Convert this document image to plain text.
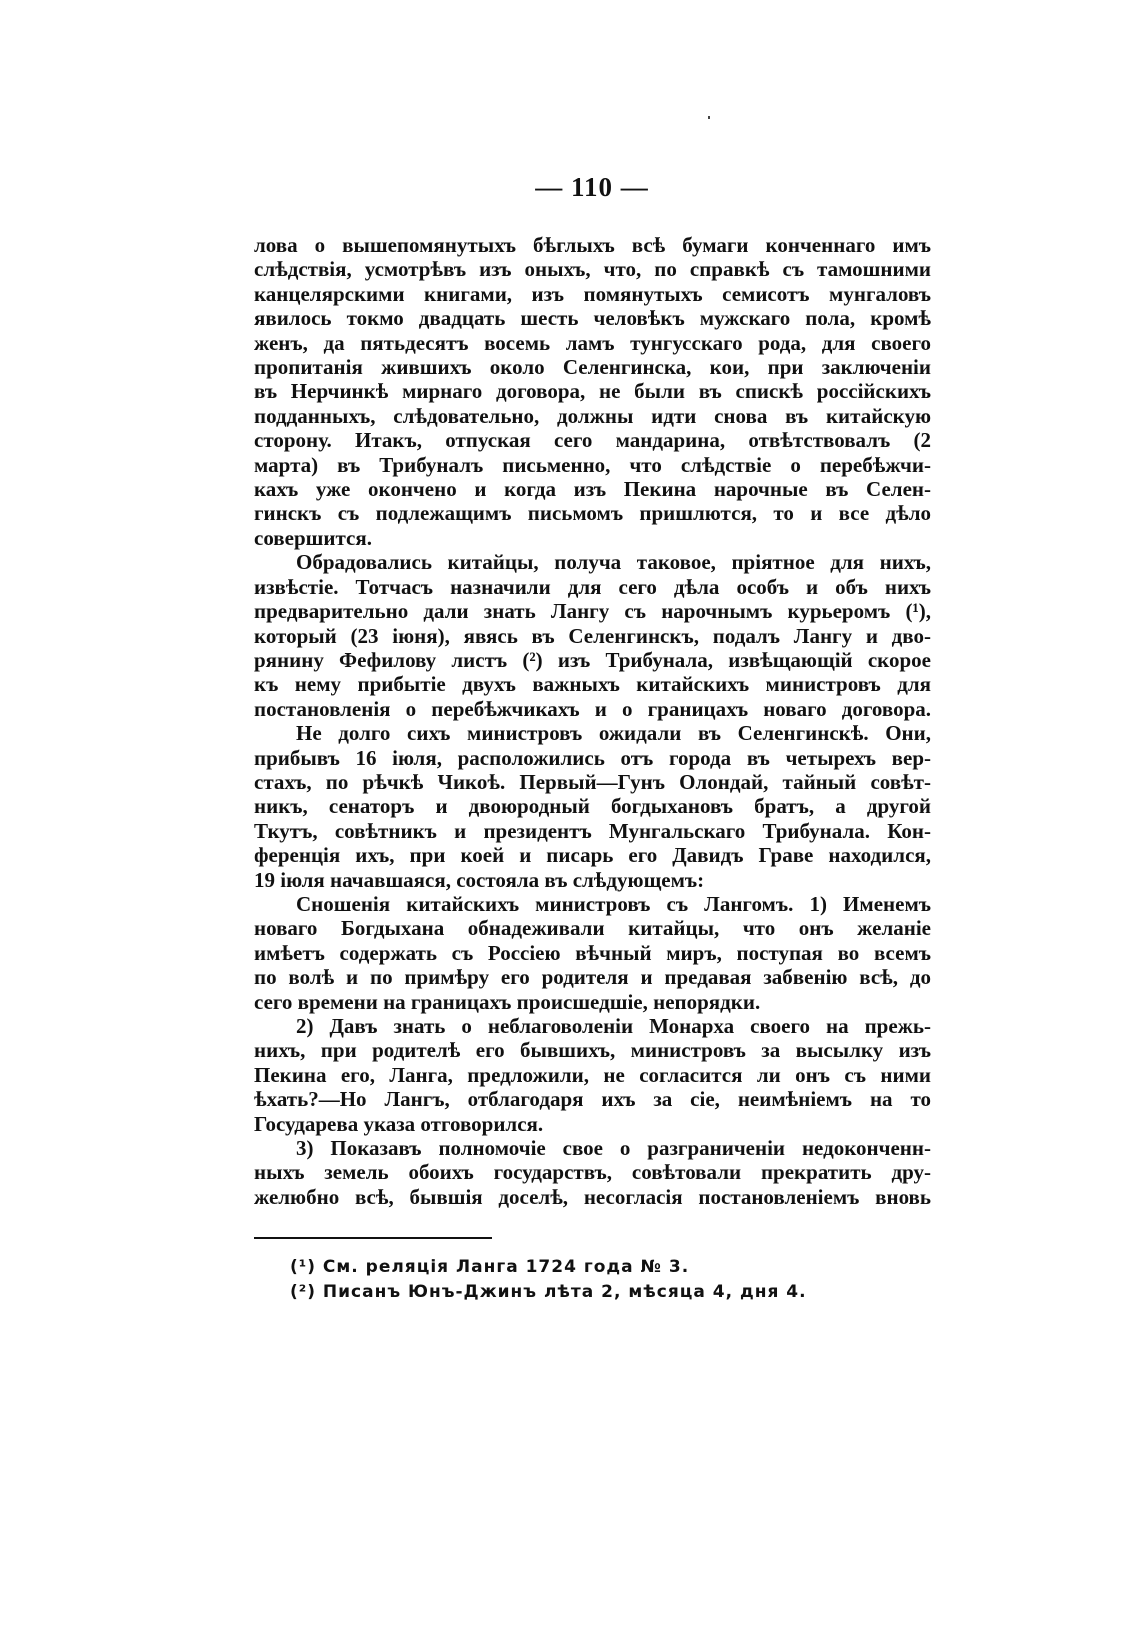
— 110 —
лова о вышепомянутыхъ бѣглыхъ всѣ бумаги конченнаго имъ
слѣдствія, усмотрѣвъ изъ оныхъ, что, по справкѣ съ тамошними
канцелярскими книгами, изъ помянутыхъ семисотъ мунгаловъ
явилось токмо двадцать шесть человѣкъ мужскаго пола, кромѣ
женъ, да пятьдесятъ восемь ламъ тунгусскаго рода, для своего
пропитанія жившихъ около Селенгинска, кои, при заключеніи
въ Нерчинкѣ мирнаго договора, не были въ спискѣ россійскихъ
подданныхъ, слѣдовательно, должны идти снова въ китайскую
сторону. Итакъ, отпуская сего мандарина, отвѣтствовалъ (2
марта) въ Трибуналъ письменно, что слѣдствіе о перебѣжчи-
кахъ уже окончено и когда изъ Пекина нарочные въ Селен-
гинскъ съ подлежащимъ письмомъ пришлются, то и все дѣло
совершится.
Обрадовались китайцы, получа таковое, пріятное для нихъ,
извѣстіе. Тотчасъ назначили для сего дѣла особъ и объ нихъ
предварительно дали знать Лангу съ нарочнымъ курьеромъ (¹),
который (23 іюня), явясь въ Селенгинскъ, подалъ Лангу и дво-
рянину Фефилову листъ (²) изъ Трибунала, извѣщающій скорое
къ нему прибытіе двухъ важныхъ китайскихъ министровъ для
постановленія о перебѣжчикахъ и о границахъ новаго договора.
Не долго сихъ министровъ ожидали въ Селенгинскѣ. Они,
прибывъ 16 іюля, расположились отъ города въ четырехъ вер-
стахъ, по рѣчкѣ Чикоѣ. Первый—Гунъ Олондай, тайный совѣт-
никъ, сенаторъ и двоюродный богдыхановъ братъ, а другой
Ткутъ, совѣтникъ и президентъ Мунгальскаго Трибунала. Кон-
ференція ихъ, при коей и писарь его Давидъ Граве находился,
19 іюля начавшаяся, состояла въ слѣдующемъ:
Сношенія китайскихъ министровъ съ Лангомъ. 1) Именемъ
новаго Богдыхана обнадеживали китайцы, что онъ желаніе
имѣетъ содержать съ Россіею вѣчный миръ, поступая во всемъ
по волѣ и по примѣру его родителя и предавая забвенію всѣ, до
сего времени на границахъ происшедшіе, непорядки.
2) Давъ знать о неблаговоленіи Монарха своего на прежь-
нихъ, при родителѣ его бывшихъ, министровъ за высылку изъ
Пекина его, Ланга, предложили, не согласится ли онъ съ ними
ѣхать?—Но Лангъ, отблагодаря ихъ за сіе, неимѣніемъ на то
Государева указа отговорился.
3) Показавъ полномочіе свое о разграниченіи недоконченн-
ныхъ земель обоихъ государствъ, совѣтовали прекратить дру-
желюбно всѣ, бывшія доселѣ, несогласія постановленіемъ вновь
(¹) См. реляція Ланга 1724 года № 3.
(²) Писанъ Юнъ-Джинъ лѣта 2, мѣсяца 4, дня 4.
